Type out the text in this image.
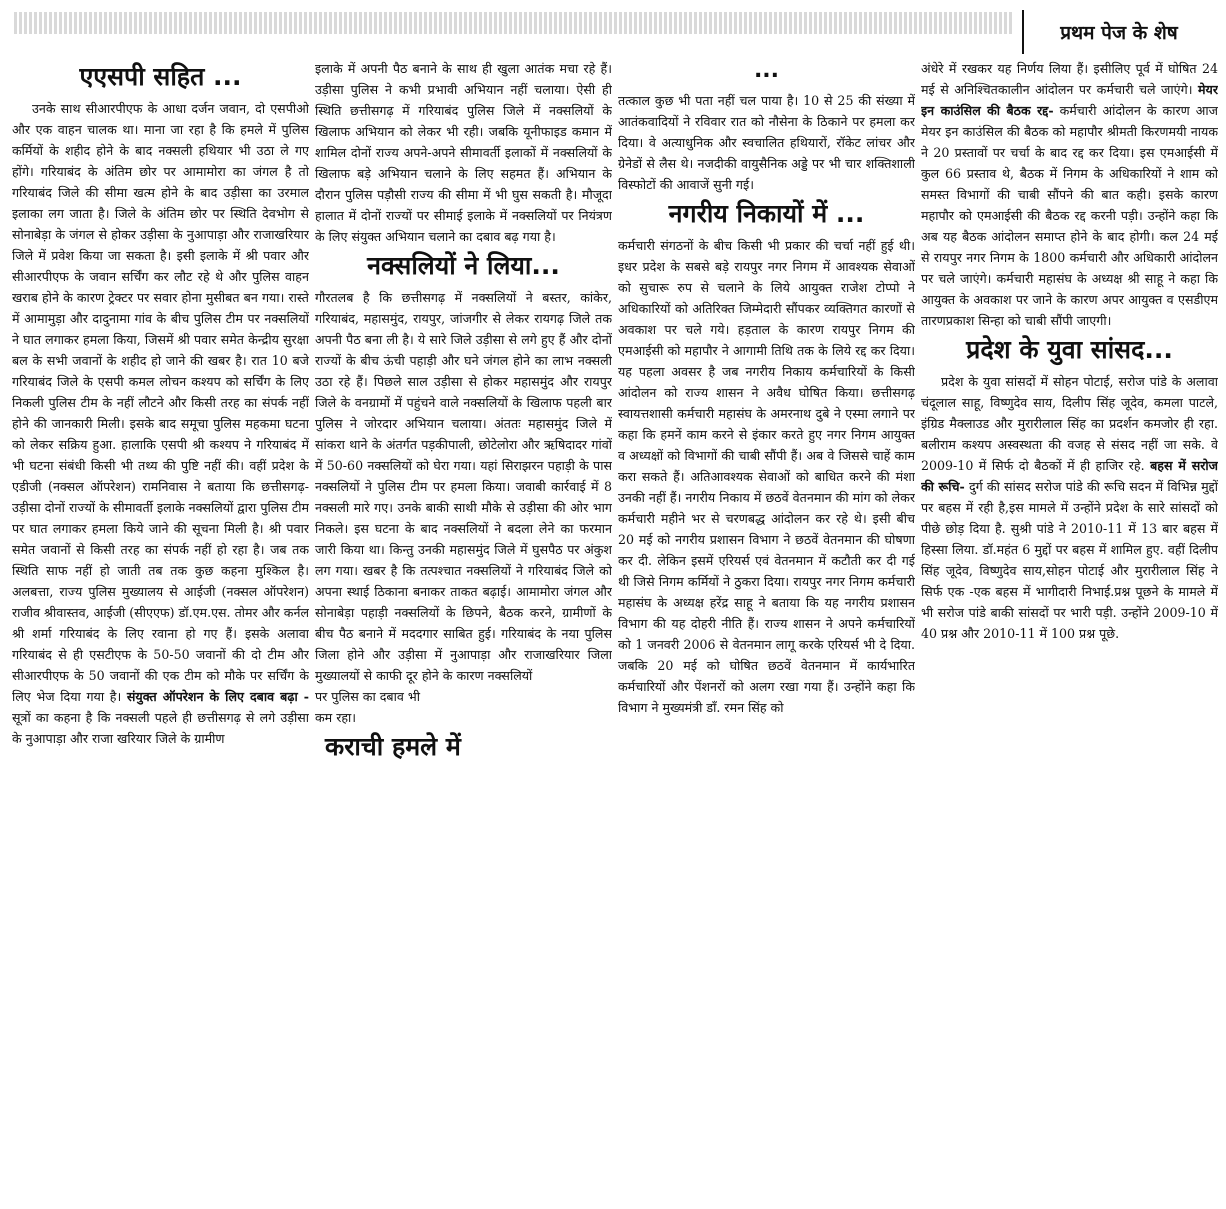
प्रथम पेज के शेष
एएसपी सहित ...

उनके साथ सीआरपीएफ के आधा दर्जन जवान, दो एसपीओ और एक वाहन चालक था। माना जा रहा है कि हमले में पुलिस कर्मियों के शहीद होने के बाद नक्सली हथियार भी उठा ले गए होंगे। गरियाबंद के अंतिम छोर पर आमामोरा का जंगल है तो गरियाबंद जिले की सीमा खत्म होने के बाद उड़ीसा का उरमाल इलाका लग जाता है। जिले के अंतिम छोर पर स्थिति देवभोग से सोनाबेड़ा के जंगल से होकर उड़ीसा के नुआपाड़ा और राजाखरियार जिले में प्रवेश किया जा सकता है। इसी इलाके में श्री पवार और सीआरपीएफ के जवान सर्चिंग कर लौट रहे थे और पुलिस वाहन खराब होने के कारण ट्रेक्टर पर सवार होना मुसीबत बन गया। रास्ते में आमामुड़ा और दादुनामा गांव के बीच पुलिस टीम पर नक्सलियों ने घात लगाकर हमला किया, जिसमें श्री पवार समेत केन्द्रीय सुरक्षा बल के सभी जवानों के शहीद हो जाने की खबर है। रात 10 बजे गरियाबंद जिले के एसपी कमल लोचन कश्यप को सर्चिंग के लिए निकली पुलिस टीम के नहीं लौटने और किसी तरह का संपर्क नहीं होने की जानकारी मिली। इसके बाद समूचा पुलिस महकमा घटना को लेकर सक्रिय हुआ. हालाकि एसपी श्री कश्यप ने गरियाबंद में भी घटना संबंधी किसी भी तथ्य की पुष्टि नहीं की। वहीं प्रदेश के एडीजी (नक्सल ऑपरेशन) रामनिवास ने बताया कि छत्तीसगढ़-उड़ीसा दोनों राज्यों के सीमावर्ती इलाके नक्सलियों द्वारा पुलिस टीम पर घात लगाकर हमला किये जाने की सूचना मिली है। श्री पवार समेत जवानों से किसी तरह का संपर्क नहीं हो रहा है। जब तक स्थिति साफ नहीं हो जाती तब तक कुछ कहना मुश्किल है। अलबत्ता, राज्य पुलिस मुख्यालय से आईजी (नक्सल ऑपरेशन) राजीव श्रीवास्तव, आईजी (सीएएफ) डॉ.एम.एस. तोमर और कर्नल श्री शर्मा गरियाबंद के लिए रवाना हो गए हैं। इसके अलावा गरियाबंद से ही एसटीएफ के 50-50 जवानों की दो टीम और सीआरपीएफ के 50 जवानों की एक टीम को मौके पर सर्चिंग के लिए भेज दिया गया है। संयुक्त ऑपरेशन के लिए दबाव बढ़ा - सूत्रों का कहना है कि नक्सली पहले ही छत्तीसगढ़ से लगे उड़ीसा के नुआपाड़ा और राजा खरियार जिले के ग्रामीण

इलाके में अपनी पैठ बनाने के साथ ही खुला आतंक मचा रहे हैं। उड़ीसा पुलिस ने कभी प्रभावी अभियान नहीं चलाया। ऐसी ही स्थिति छत्तीसगढ़ में गरियाबंद पुलिस जिले में नक्सलियों के खिलाफ अभियान को लेकर भी रही। जबकि यूनीफाइड कमान में शामिल दोनों राज्य अपने-अपने सीमावर्ती इलाकों में नक्सलियों के खिलाफ बड़े अभियान चलाने के लिए सहमत हैं। अभियान के दौरान पुलिस पड़ौसी राज्य की सीमा में भी घुस सकती है। मौजूदा हालात में दोनों राज्यों पर सीमाई इलाके में नक्सलियों पर नियंत्रण के लिए संयुक्त अभियान चलाने का दबाव बढ़ गया है।

नक्सलियों ने लिया...

गौरतलब है कि छत्तीसगढ़ में नक्सलियों ने बस्तर, कांकेर, गरियाबंद, महासमुंद, रायपुर, जांजगीर से लेकर रायगढ़ जिले तक अपनी पैठ बना ली है। ये सारे जिले उड़ीसा से लगे हुए हैं और दोनों राज्यों के बीच ऊंची पहाड़ी और घने जंगल होने का लाभ नक्सली उठा रहे हैं। पिछले साल उड़ीसा से होकर महासमुंद और रायपुर जिले के वनग्रामों में पहुंचने वाले नक्सलियों के खिलाफ पहली बार पुलिस ने जोरदार अभियान चलाया। अंततः महासमुंद जिले में सांकरा थाने के अंतर्गत पड़कीपाली, छोटेलोरा और ऋषिदादर गांवों में 50-60 नक्सलियों को घेरा गया। यहां सिराझरन पहाड़ी के पास नक्सलियों ने पुलिस टीम पर हमला किया। जवाबी कार्रवाई में 8 नक्सली मारे गए। उनके बाकी साथी मौके से उड़ीसा की ओर भाग निकले। इस घटना के बाद नक्सलियों ने बदला लेने का फरमान जारी किया था। किन्तु उनकी महासमुंद जिले में घुसपैठ पर अंकुश लग गया। खबर है कि तत्पश्चात नक्सलियों ने गरियाबंद जिले को अपना स्थाई ठिकाना बनाकर ताकत बढ़ाई। आमामोरा जंगल और सोनाबेड़ा पहाड़ी नक्सलियों के छिपने, बैठक करने, ग्रामीणों के बीच पैठ बनाने में मददगार साबित हुई। गरियाबंद के नया पुलिस जिला होने और उड़ीसा में नुआपाड़ा और राजाखरियार जिला मुख्यालयों से काफी दूर होने के कारण नक्सलियों

पर पुलिस का दबाव भी

कम रहा।

कराची हमले में
...

तत्काल कुछ भी पता नहीं चल पाया है। 10 से 25 की संख्या में आतंकवादियों ने रविवार रात को नौसेना के ठिकाने पर हमला कर दिया। वे अत्याधुनिक और स्वचालित हथियारों, रॉकेट लांचर और ग्रेनेडों से लैस थे। नजदीकी वायुसैनिक अड्डे पर भी चार शक्तिशाली विस्फोटों की आवाजें सुनी गई।

नगरीय निकायों में ...

कर्मचारी संगठनों के बीच किसी भी प्रकार की चर्चा नहीं हुई थी। इधर प्रदेश के सबसे बड़े रायपुर नगर निगम में आवश्यक सेवाओं को सुचारू रुप से चलाने के लिये आयुक्त राजेश टोप्पो ने अधिकारियों को अतिरिक्त जिम्मेदारी सौंपकर व्यक्तिगत कारणों से अवकाश पर चले गये। हड़ताल के कारण रायपुर निगम की एमआईसी को महापौर ने आगामी तिथि तक के लिये रद्द कर दिया। यह पहला अवसर है जब नगरीय निकाय कर्मचारियों के किसी आंदोलन को राज्य शासन ने अवैध घोषित किया। छत्तीसगढ़ स्वायत्तशासी कर्मचारी महासंघ के अमरनाथ दुबे ने एस्मा लगाने पर कहा कि हमनें काम करने से इंकार करते हुए नगर निगम आयुक्त व अध्यक्षों को विभागों की चाबी सौंपी हैं। अब वे जिससे चाहें काम करा सकते हैं। अतिआवश्यक सेवाओं को बाधित करने की मंशा उनकी नहीं हैं। नगरीय निकाय में छठवें वेतनमान की मांग को लेकर कर्मचारी महीने भर से चरणबद्ध आंदोलन कर रहे थे। इसी बीच 20 मई को नगरीय प्रशासन विभाग ने छठवें वेतनमान की घोषणा कर दी. लेकिन इसमें एरियर्स एवं वेतनमान में कटौती कर दी गई थी जिसे निगम कर्मियों ने ठुकरा दिया। रायपुर नगर निगम कर्मचारी महासंघ के अध्यक्ष हरेंद्र साहू ने बताया कि यह नगरीय प्रशासन विभाग की यह दोहरी नीति हैं। राज्य शासन ने अपने कर्मचारियों को 1 जनवरी 2006 से वेतनमान लागू करके एरियर्स भी दे दिया. जबकि 20 मई को घोषित छठवें वेतनमान में कार्यभारित कर्मचारियों और पेंशनरों को अलग रखा गया हैं। उन्होंने कहा कि विभाग ने मुख्यमंत्री डॉं. रमन सिंह को

अंधेरे में रखकर यह निर्णय लिया हैं। इसीलिए पूर्व में घोषित 24 मई से अनिश्चितकालीन आंदोलन पर कर्मचारी चले जाएंगे। मेयर इन काउंसिल की बैठक रद्द- कर्मचारी आंदोलन के कारण आज मेयर इन काउंसिल की बैठक को महापौर श्रीमती किरणमयी नायक ने 20 प्रस्तावों पर चर्चा के बाद रद्द कर दिया। इस एमआईसी में कुल 66 प्रस्ताव थे, बैठक में निगम के अधिकारियों ने शाम को समस्त विभागों की चाबी सौंपने की बात कही। इसके कारण महापौर को एमआईसी की बैठक रद्द करनी पड़ी। उन्होंने कहा कि अब यह बैठक आंदोलन समाप्त होने के बाद होगी। कल 24 मई से रायपुर नगर निगम के 1800 कर्मचारी और अधिकारी आंदोलन पर चले जाएंगे। कर्मचारी महासंघ के अध्यक्ष श्री साहू ने कहा कि आयुक्त के अवकाश पर जाने के कारण अपर आयुक्त व एसडीएम तारणप्रकाश सिन्हा को चाबी सौंपी जाएगी।

प्रदेश के युवा सांसद...

प्रदेश के युवा सांसदों में सोहन पोटाई, सरोज पांडे के अलावा चंदूलाल साहू, विष्णुदेव साय, दिलीप सिंह जूदेव, कमला पाटले, इंग्रिड मैक्लाउड और मुरारीलाल सिंह का प्रदर्शन कमजोर ही रहा. बलीराम कश्यप अस्वस्थता की वजह से संसद नहीं जा सके. वे 2009-10 में सिर्फ दो बैठकों में ही हाजिर रहे. बहस में सरोज की रूचि- दुर्ग की सांसद सरोज पांडे की रूचि सदन में विभिन्न मुद्दों पर बहस में रही है,इस मामले में उन्होंने प्रदेश के सारे सांसदों को पीछे छोड़ दिया है. सुश्री पांडे ने 2010-11 में 13 बार बहस में हिस्सा लिया. डॉ.महंत 6 मुद्दों पर बहस में शामिल हुए. वहीं दिलीप सिंह जूदेव, विष्णुदेव साय,सोहन पोटाई और मुरारीलाल सिंह ने सिर्फ एक -एक बहस में भागीदारी निभाई.प्रश्न पूछने के मामले में भी सरोज पांडे बाकी सांसदों पर भारी पड़ी. उन्होंने 2009-10 में 40 प्रश्न और 2010-11 में 100 प्रश्न पूछे.
